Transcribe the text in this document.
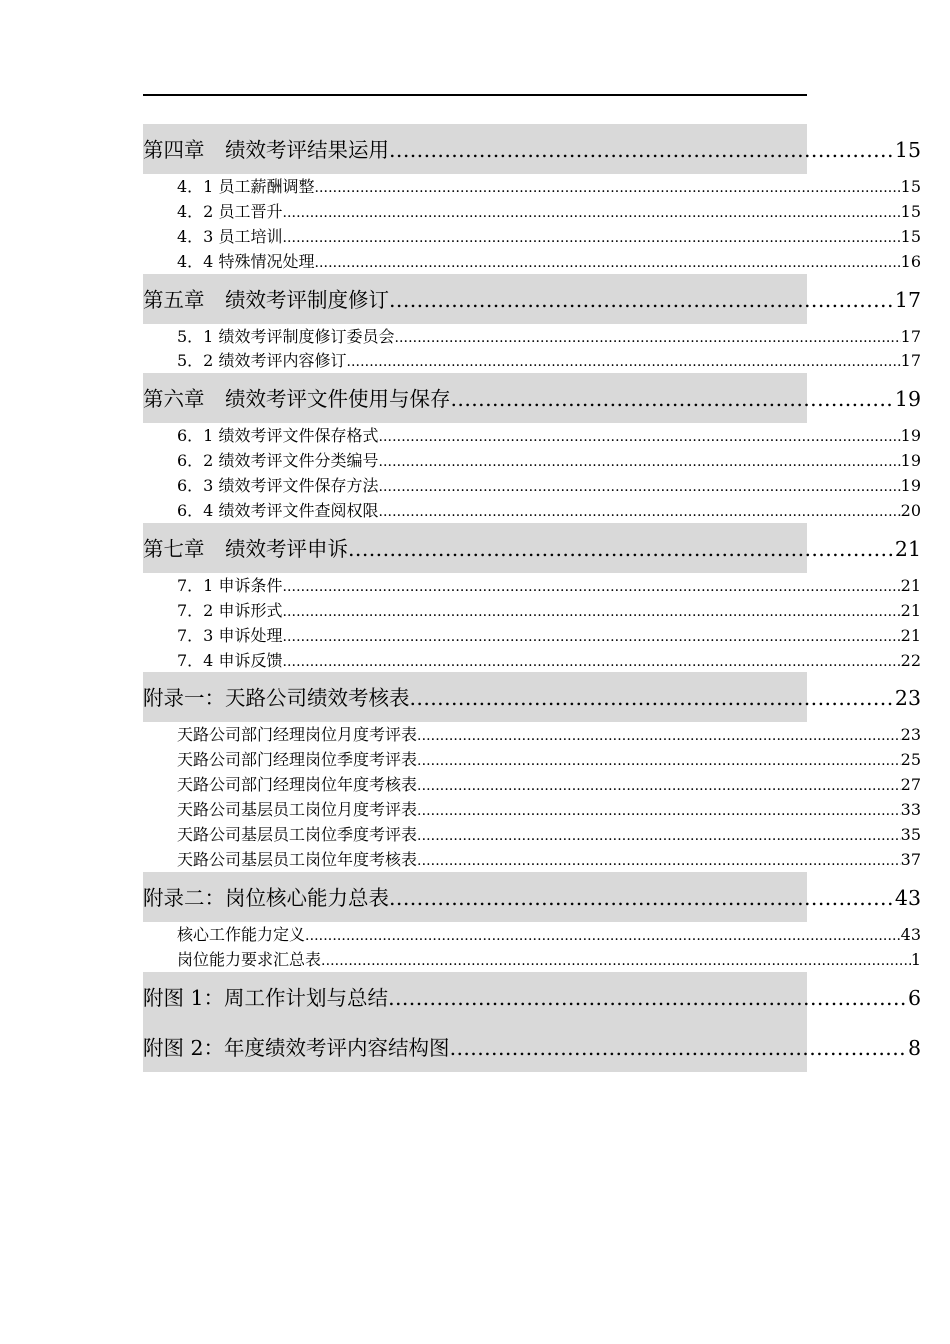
第四章　绩效考评结果运用 .....	15
4．1 员工薪酬调整 .....	15
4．2 员工晋升 .....	15
4．3 员工培训 .....	15
4．4 特殊情况处理 .....	16
第五章　绩效考评制度修订 .....	17
5．1 绩效考评制度修订委员会 .....	17
5．2 绩效考评内容修订 .....	17
第六章　绩效考评文件使用与保存 .....	19
6．1 绩效考评文件保存格式 .....	19
6．2 绩效考评文件分类编号 .....	19
6．3 绩效考评文件保存方法 .....	19
6．4 绩效考评文件查阅权限 .....	20
第七章　绩效考评申诉 .....	21
7．1 申诉条件 .....	21
7．2 申诉形式 .....	21
7．3 申诉处理 .....	21
7．4 申诉反馈 .....	22
附录一：天路公司绩效考核表 .....	23
天路公司部门经理岗位月度考评表 .....	23
天路公司部门经理岗位季度考评表 .....	25
天路公司部门经理岗位年度考核表 .....	27
天路公司基层员工岗位月度考评表 .....	33
天路公司基层员工岗位季度考评表 .....	35
天路公司基层员工岗位年度考核表 .....	37
附录二：岗位核心能力总表 .....	43
核心工作能力定义 .....	43
岗位能力要求汇总表 .....	1
附图 1：周工作计划与总结 .....	6
附图 2：年度绩效考评内容结构图 .....	8
